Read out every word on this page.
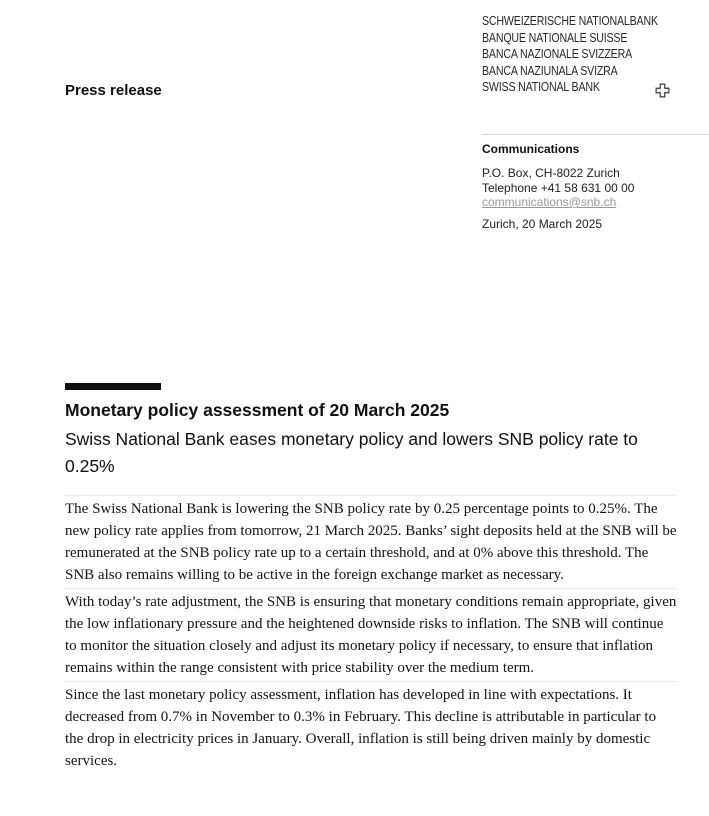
SCHWEIZERISCHE NATIONALBANK
BANQUE NATIONALE SUISSE
BANCA NAZIONALE SVIZZERA
BANCA NAZIUNALA SVIZRA
SWISS NATIONAL BANK
Press release
Communications
P.O. Box, CH-8022 Zurich
Telephone +41 58 631 00 00
communications@snb.ch
Zurich, 20 March 2025
Monetary policy assessment of 20 March 2025
Swiss National Bank eases monetary policy and lowers SNB policy rate to 0.25%

The Swiss National Bank is lowering the SNB policy rate by 0.25 percentage points to 0.25%. The new policy rate applies from tomorrow, 21 March 2025. Banks’ sight deposits held at the SNB will be remunerated at the SNB policy rate up to a certain threshold, and at 0% above this threshold. The SNB also remains willing to be active in the foreign exchange market as necessary.

With today’s rate adjustment, the SNB is ensuring that monetary conditions remain appropriate, given the low inflationary pressure and the heightened downside risks to inflation. The SNB will continue to monitor the situation closely and adjust its monetary policy if necessary, to ensure that inflation remains within the range consistent with price stability over the medium term.

Since the last monetary policy assessment, inflation has developed in line with expectations. It decreased from 0.7% in November to 0.3% in February. This decline is attributable in particular to the drop in electricity prices in January. Overall, inflation is still being driven mainly by domestic services.
